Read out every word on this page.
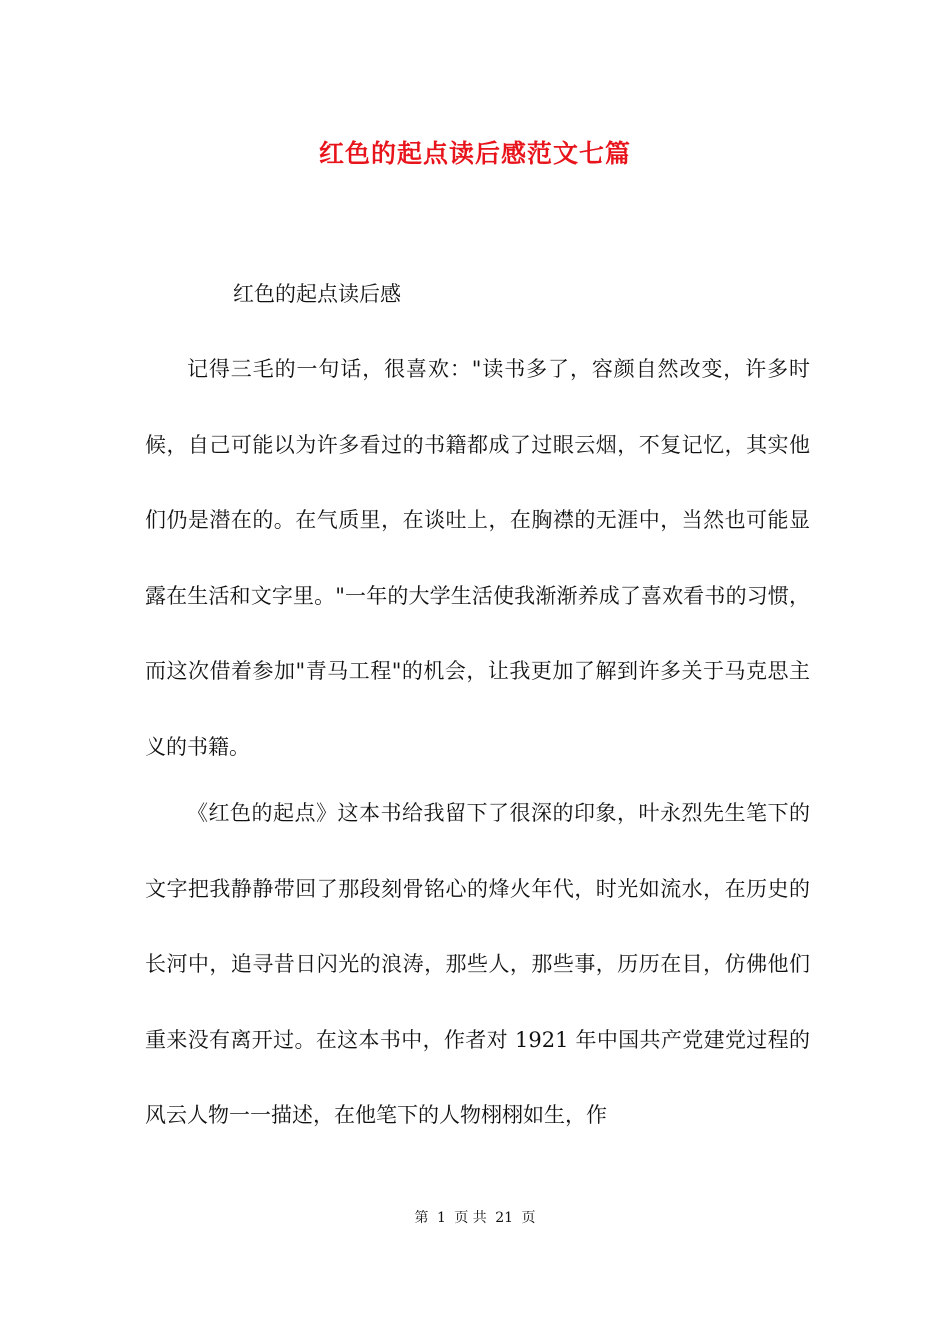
红色的起点读后感范文七篇
红色的起点读后感

记得三毛的一句话，很喜欢："读书多了，容颜自然改变，许多时候，自己可能以为许多看过的书籍都成了过眼云烟，不复记忆，其实他们仍是潜在的。在气质里，在谈吐上，在胸襟的无涯中，当然也可能显露在生活和文字里。"一年的大学生活使我渐渐养成了喜欢看书的习惯，而这次借着参加"青马工程"的机会，让我更加了解到许多关于马克思主义的书籍。

《红色的起点》这本书给我留下了很深的印象，叶永烈先生笔下的文字把我静静带回了那段刻骨铭心的烽火年代，时光如流水，在历史的长河中，追寻昔日闪光的浪涛，那些人，那些事，历历在目，仿佛他们重来没有离开过。在这本书中，作者对 1921 年中国共产党建党过程的风云人物一一描述，在他笔下的人物栩栩如生，作

第 1 页 共 21 页
